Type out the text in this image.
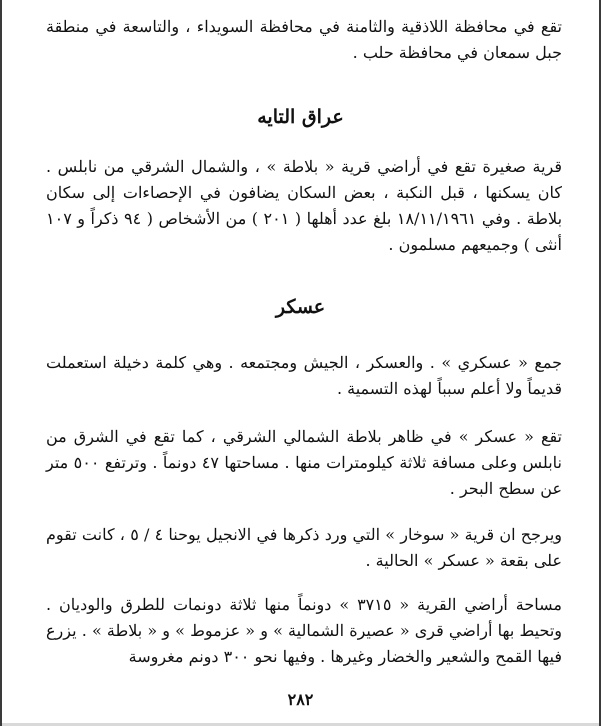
تقع في محافظة اللاذقية والثامنة في محافظة السويداء ، والتاسعة في منطقة جبل سمعان في محافظة حلب .

عراق التايه

قرية صغيرة تقع في أراضي قرية « بلاطة » ، والشمال الشرقي من نابلس . كان يسكنها ، قبل النكبة ، بعض السكان يضافون في الإحصاءات إلى سكان بلاطة . وفي ١٨/١١/١٩٦١ بلغ عدد أهلها ( ٢٠١ ) من الأشخاص ( ٩٤ ذكراً و ١٠٧ أنثى ) وجميعهم مسلمون .

عسكر

جمع « عسكري » . والعسكر ، الجيش ومجتمعه . وهي كلمة دخيلة استعملت قديماً ولا أعلم سبباً لهذه التسمية .

تقع « عسكر » في ظاهر بلاطة الشمالي الشرقي ، كما تقع في الشرق من نابلس وعلى مسافة ثلاثة كيلومترات منها . مساحتها ٤٧ دونماً . وترتفع ٥٠٠ متر عن سطح البحر .

ويرجح ان قرية « سوخار » التي ورد ذكرها في الانجيل يوحنا ٤ / ٥ ، كانت تقوم على بقعة « عسكر » الحالية .

مساحة أراضي القرية « ٣٧١٥ » دونماً منها ثلاثة دونمات للطرق والوديان . وتحيط بها أراضي قرى « عصيرة الشمالية » و « عزموط » و « بلاطة » . يزرع فيها القمح والشعير والخضار وغيرها . وفيها نحو ٣٠٠ دونم مغروسة

٢٨٢
